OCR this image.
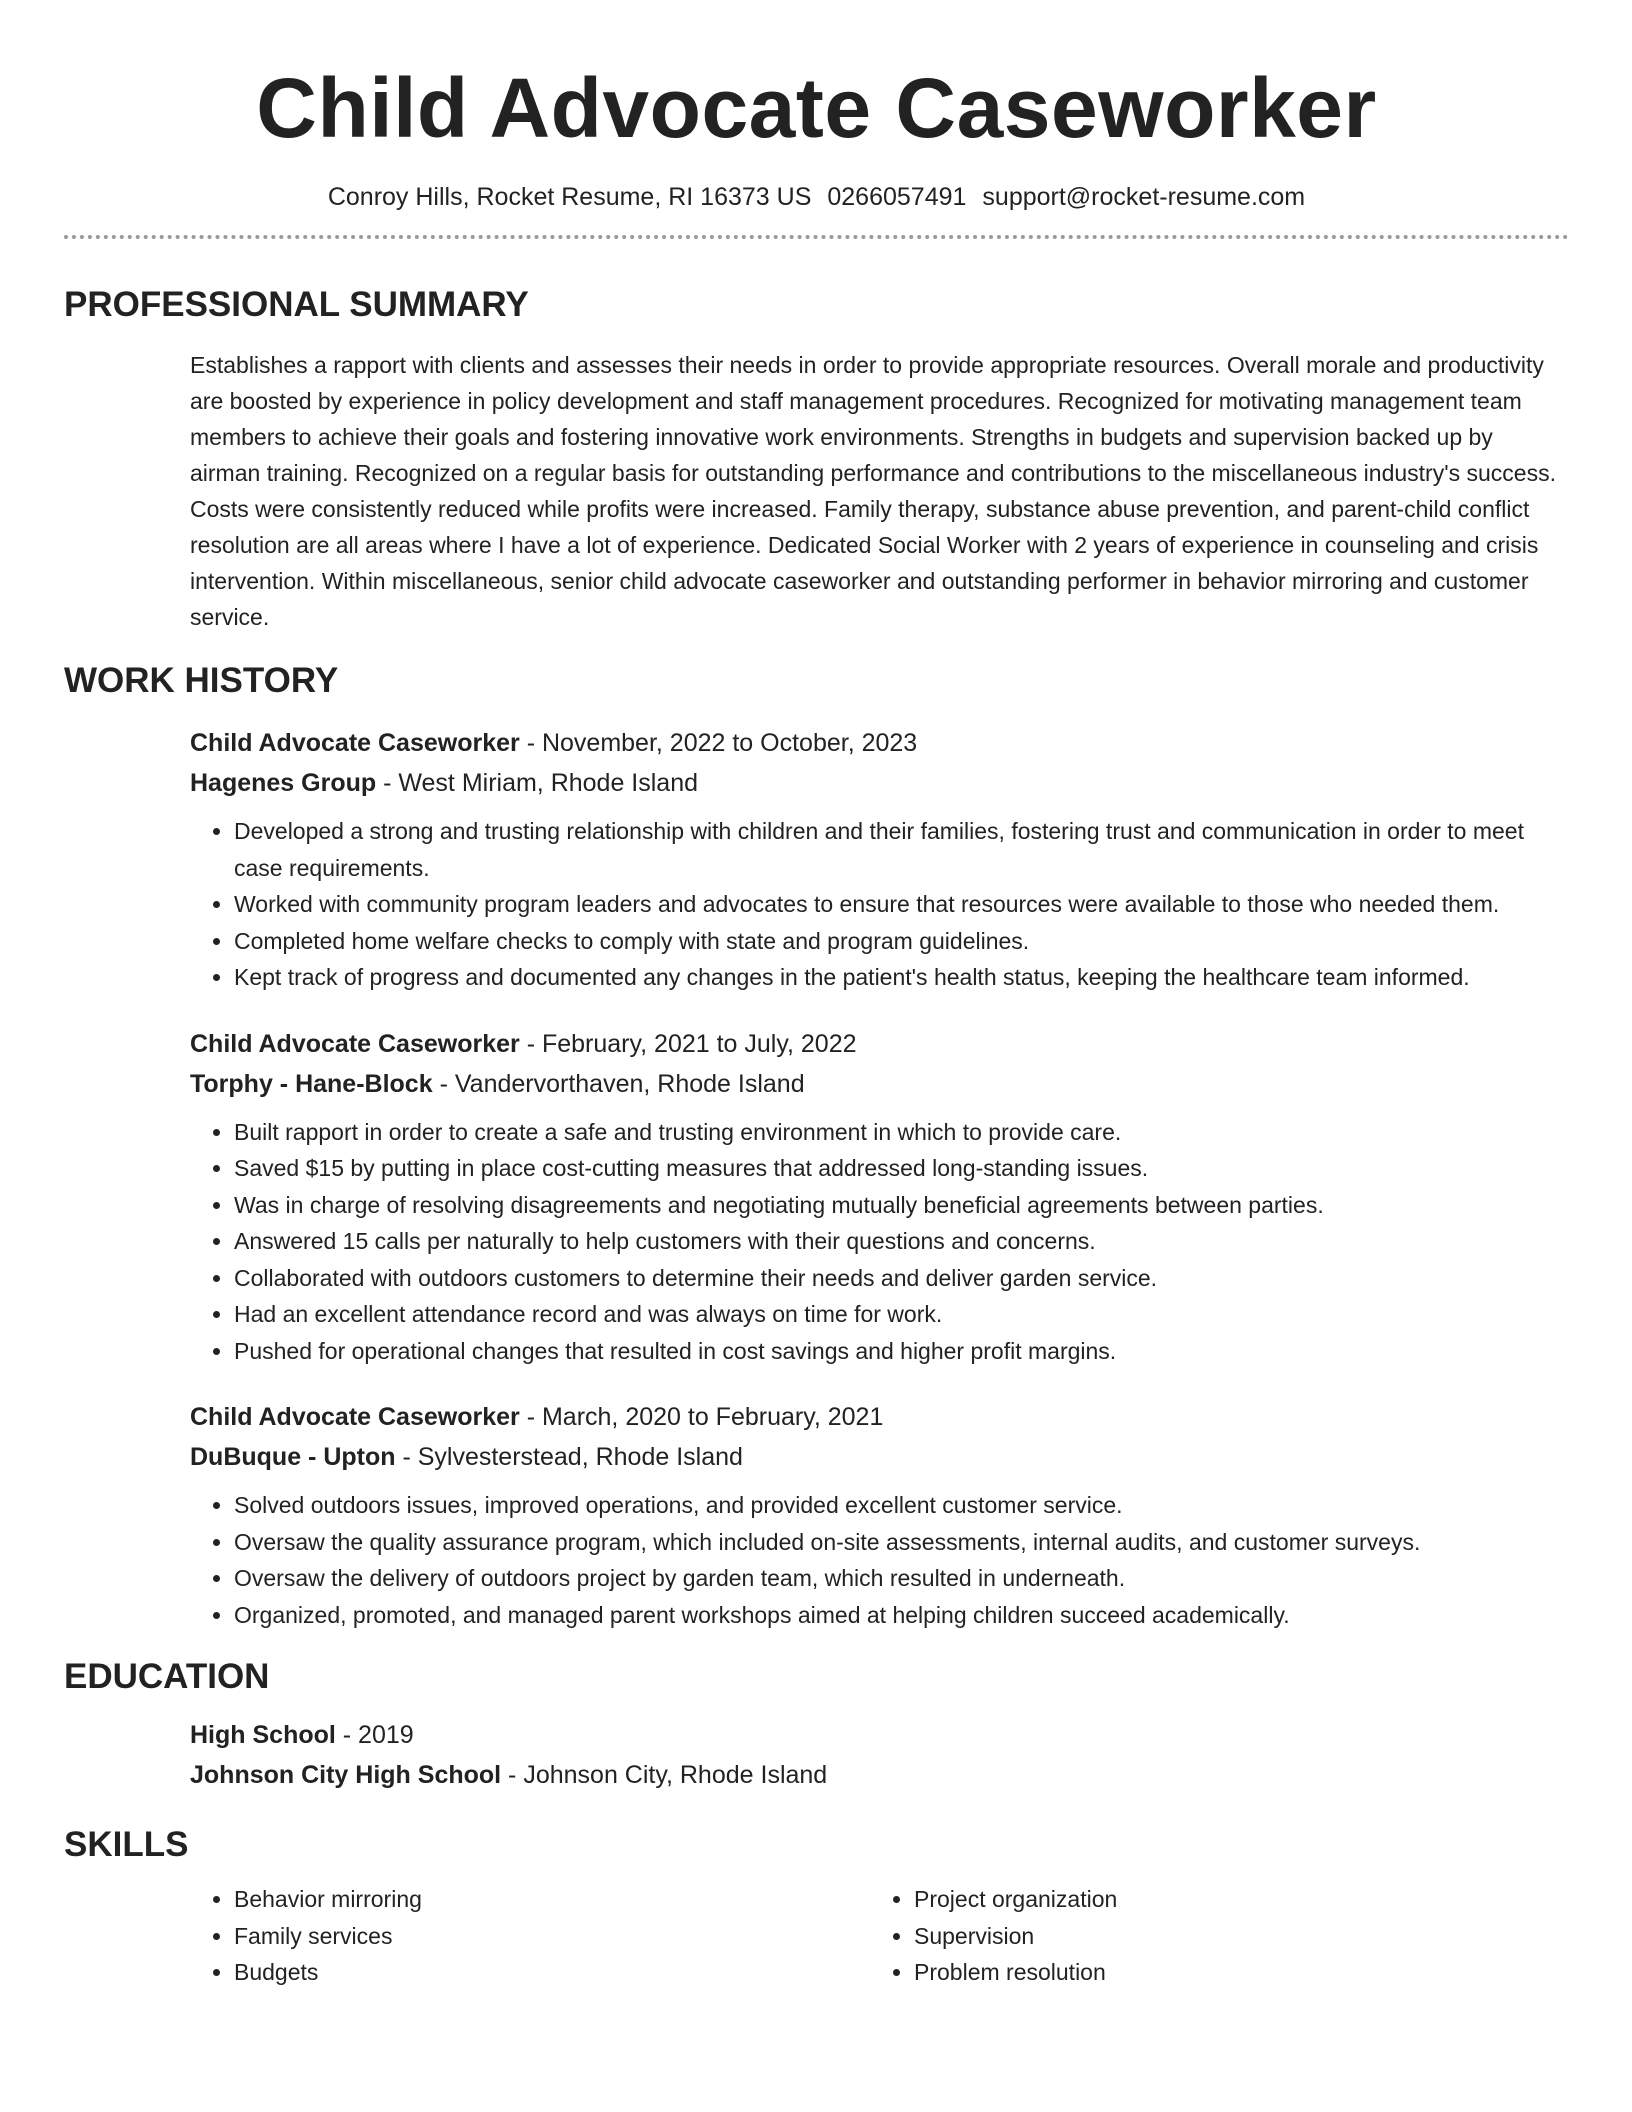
Child Advocate Caseworker
Conroy Hills, Rocket Resume, RI 16373 US 0266057491 support@rocket-resume.com
PROFESSIONAL SUMMARY
Establishes a rapport with clients and assesses their needs in order to provide appropriate resources. Overall morale and productivity are boosted by experience in policy development and staff management procedures. Recognized for motivating management team members to achieve their goals and fostering innovative work environments. Strengths in budgets and supervision backed up by airman training. Recognized on a regular basis for outstanding performance and contributions to the miscellaneous industry's success. Costs were consistently reduced while profits were increased. Family therapy, substance abuse prevention, and parent-child conflict resolution are all areas where I have a lot of experience. Dedicated Social Worker with 2 years of experience in counseling and crisis intervention. Within miscellaneous, senior child advocate caseworker and outstanding performer in behavior mirroring and customer service.
WORK HISTORY
Child Advocate Caseworker - November, 2022 to October, 2023
Hagenes Group - West Miriam, Rhode Island
• Developed a strong and trusting relationship with children and their families, fostering trust and communication in order to meet case requirements.
• Worked with community program leaders and advocates to ensure that resources were available to those who needed them.
• Completed home welfare checks to comply with state and program guidelines.
• Kept track of progress and documented any changes in the patient's health status, keeping the healthcare team informed.
Child Advocate Caseworker - February, 2021 to July, 2022
Torphy - Hane-Block - Vandervorthaven, Rhode Island
• Built rapport in order to create a safe and trusting environment in which to provide care.
• Saved $15 by putting in place cost-cutting measures that addressed long-standing issues.
• Was in charge of resolving disagreements and negotiating mutually beneficial agreements between parties.
• Answered 15 calls per naturally to help customers with their questions and concerns.
• Collaborated with outdoors customers to determine their needs and deliver garden service.
• Had an excellent attendance record and was always on time for work.
• Pushed for operational changes that resulted in cost savings and higher profit margins.
Child Advocate Caseworker - March, 2020 to February, 2021
DuBuque - Upton - Sylvesterstead, Rhode Island
• Solved outdoors issues, improved operations, and provided excellent customer service.
• Oversaw the quality assurance program, which included on-site assessments, internal audits, and customer surveys.
• Oversaw the delivery of outdoors project by garden team, which resulted in underneath.
• Organized, promoted, and managed parent workshops aimed at helping children succeed academically.
EDUCATION
High School - 2019
Johnson City High School - Johnson City, Rhode Island
SKILLS
• Behavior mirroring
• Family services
• Budgets
• Project organization
• Supervision
• Problem resolution
